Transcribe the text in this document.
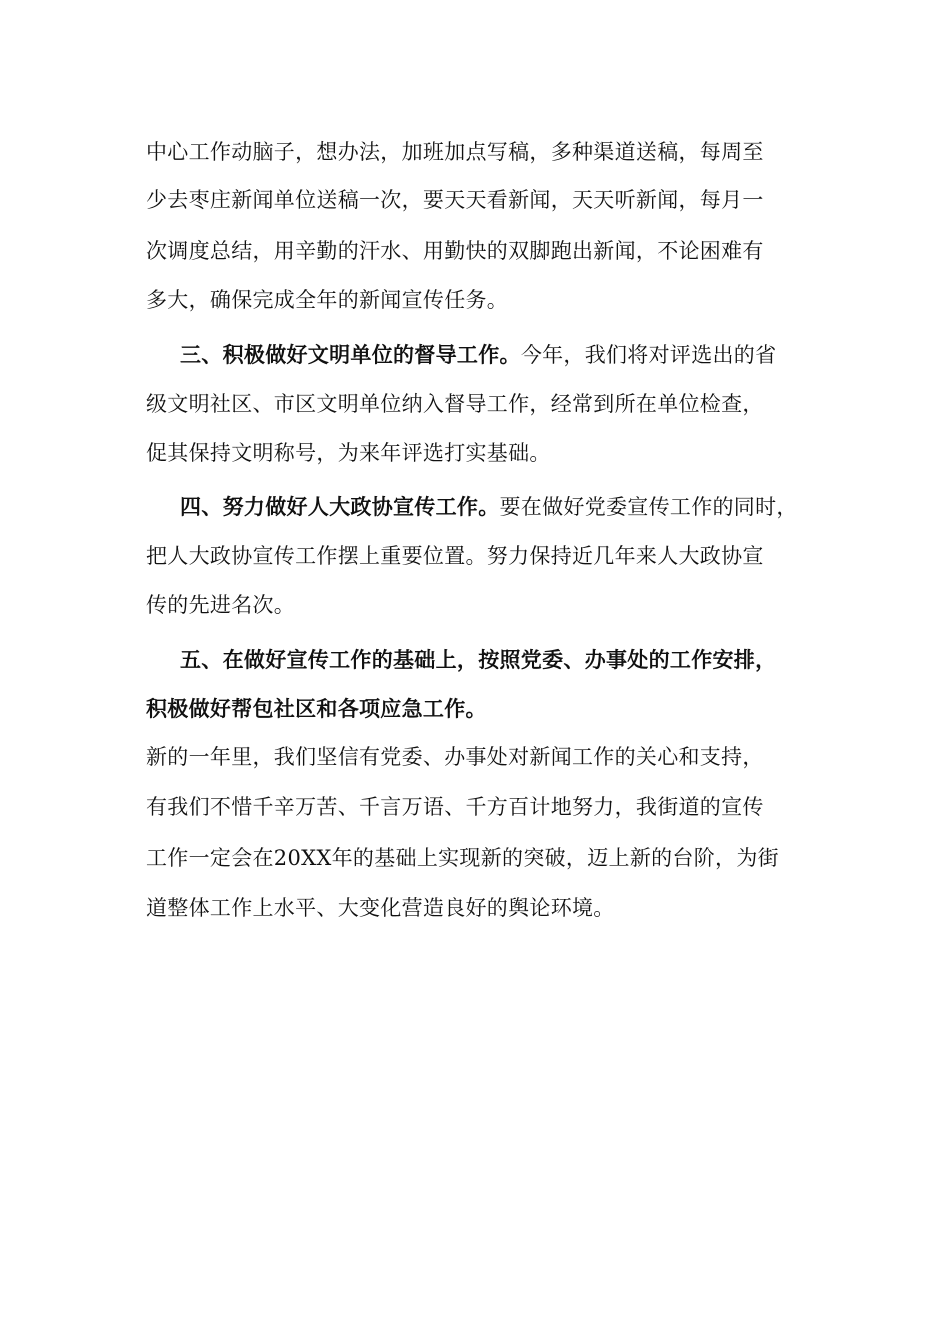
中心工作动脑子，想办法，加班加点写稿，多种渠道送稿，每周至
少去枣庄新闻单位送稿一次，要天天看新闻，天天听新闻，每月一
次调度总结，用辛勤的汗水、用勤快的双脚跑出新闻，不论困难有
多大，确保完成全年的新闻宣传任务。
三、积极做好文明单位的督导工作。今年，我们将对评选出的省
级文明社区、市区文明单位纳入督导工作，经常到所在单位检查，
促其保持文明称号，为来年评选打实基础。
四、努力做好人大政协宣传工作。要在做好党委宣传工作的同时，
把人大政协宣传工作摆上重要位置。努力保持近几年来人大政协宣
传的先进名次。
五、在做好宣传工作的基础上，按照党委、办事处的工作安排，
积极做好帮包社区和各项应急工作。
新的一年里，我们坚信有党委、办事处对新闻工作的关心和支持，
有我们不惜千辛万苦、千言万语、千方百计地努力，我街道的宣传
工作一定会在20XX年的基础上实现新的突破，迈上新的台阶，为街
道整体工作上水平、大变化营造良好的舆论环境。
